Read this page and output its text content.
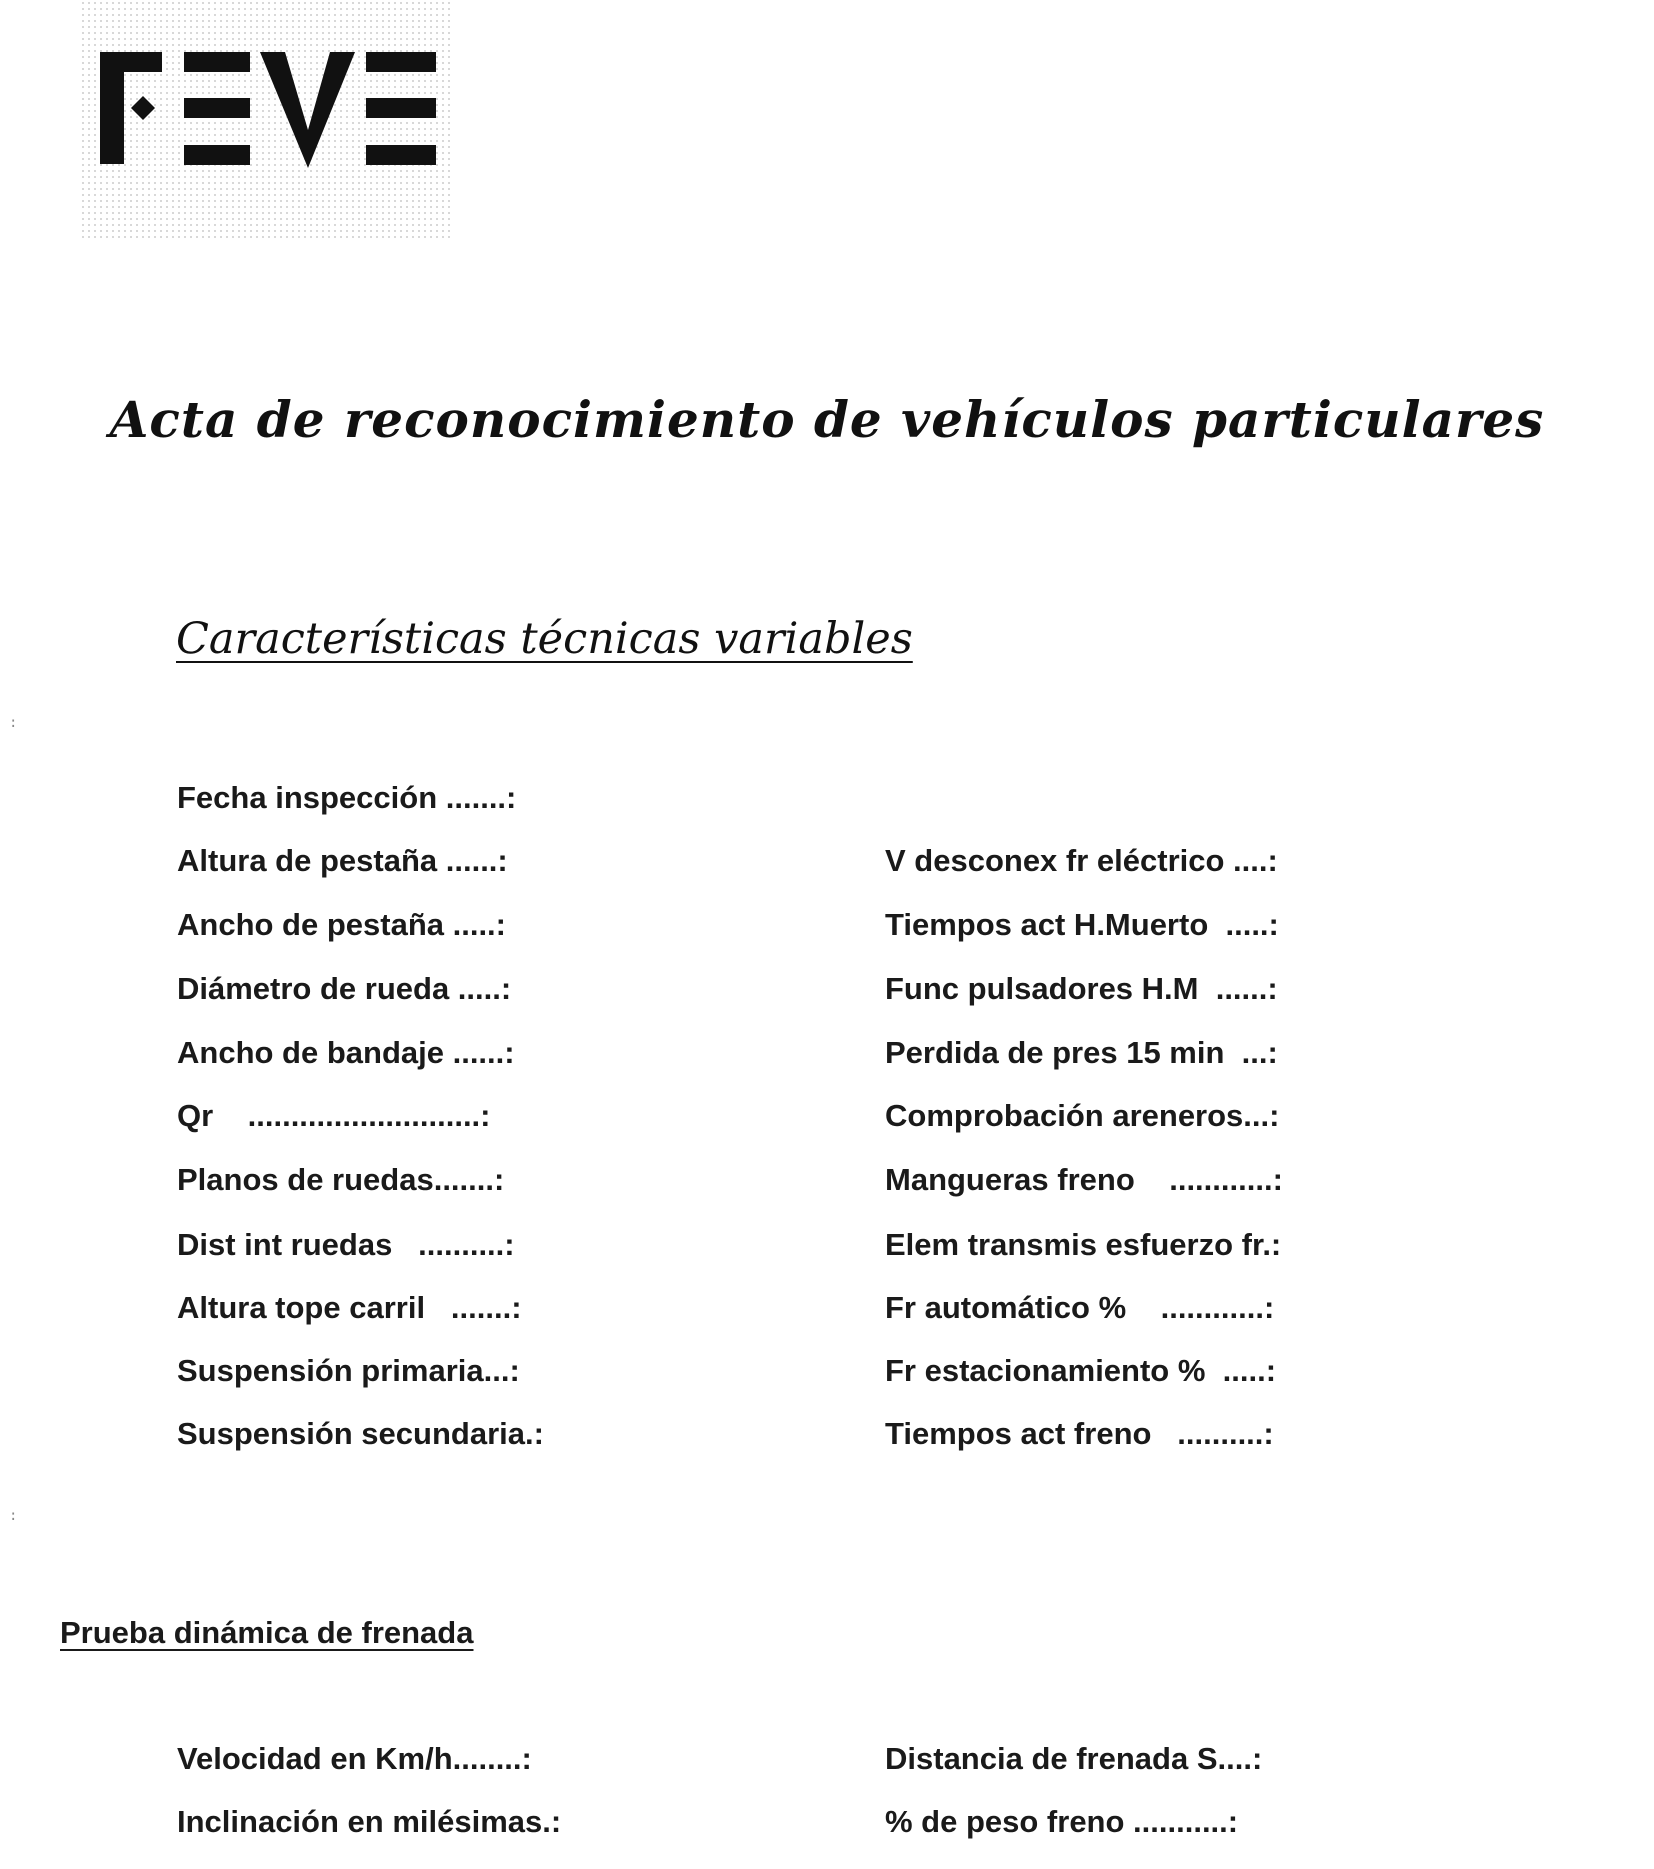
:
:
Acta de reconocimiento de vehículos particulares
Características técnicas variables
Fecha inspección .......:
Altura de pestaña ......:
Ancho de pestaña .....:
Diámetro de rueda .....:
Ancho de bandaje ......:
Qr    ...........................:
Planos de ruedas.......:
Dist int ruedas   ..........:
Altura tope carril   .......:
Suspensión primaria...:
Suspensión secundaria.:
V desconex fr eléctrico ....:
Tiempos act H.Muerto  .....:
Func pulsadores H.M  ......:
Perdida de pres 15 min  ...:
Comprobación areneros...:
Mangueras freno    ............:
Elem transmis esfuerzo fr.:
Fr automático %    ............:
Fr estacionamiento %  .....:
Tiempos act freno   ..........:
Prueba dinámica de frenada
Velocidad en Km/h........:
Inclinación en milésimas.:
Distancia de frenada S....:
% de peso freno ...........:
